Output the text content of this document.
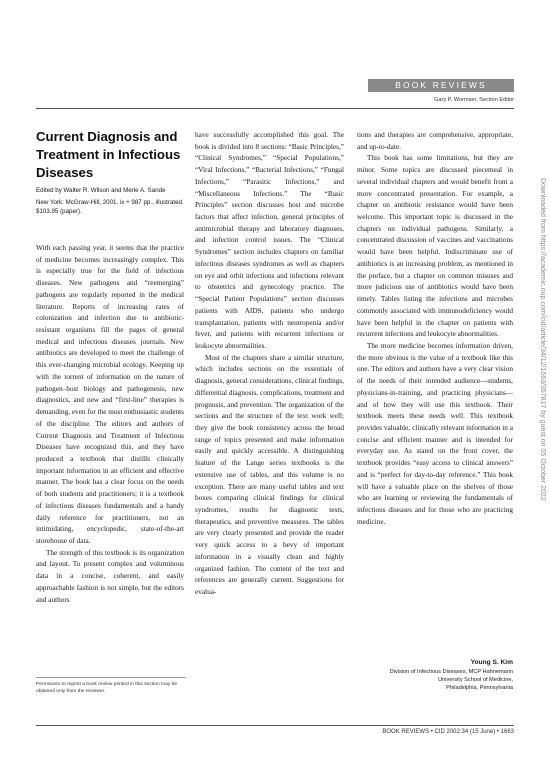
BOOK REVIEWS
Gary P. Wormser, Section Editor
Current Diagnosis and Treatment in Infectious Diseases
Edited by Walter R. Wilson and Merle A. Sande
New York: McGraw-Hill, 2001. ix + 987 pp., illustrated. $103.95 (paper).

With each passing year, it seems that the practice of medicine becomes increasingly complex. This is especially true for the field of infectious diseases. New pathogens and “reemerging” pathogens are regularly reported in the medical literature. Reports of increasing rates of colonization and infection due to antibiotic-resistant organisms fill the pages of general medical and infectious diseases journals. New antibiotics are developed to meet the challenge of this ever-changing microbial ecology. Keeping up with the torrent of information on the nature of pathogen–host biology and pathogenesis, new diagnostics, and new and “first-line” therapies is demanding, even for the most enthusiastic students of the discipline. The editors and authors of Current Diagnosis and Treatment of Infectious Diseases have recognized this, and they have produced a textbook that distills clinically important information in an efficient and effective manner. The book has a clear focus on the needs of both students and practitioners; it is a textbook of infectious diseases fundamentals and a handy daily reference for practitioners, not an intimidating, encyclopedic, state-of-the-art storehouse of data.

The strength of this textbook is its organization and layout. To present complex and voluminous data in a concise, coherent, and easily approachable fashion is not simple, but the editors and authors

have successfully accomplished this goal. The book is divided into 8 sections: “Basic Principles,” “Clinical Syndromes,” “Special Populations,” “Viral Infections,” “Bacterial Infections,” “Fungal Infections,” “Parasitic Infections,” and “Miscellaneous Infections.” The “Basic Principles” section discusses host and microbe factors that affect infection, general principles of antimicrobial therapy and laboratory diagnoses, and infection control issues. The “Clinical Syndromes” section includes chapters on familiar infectious diseases syndromes as well as chapters on eye and orbit infections and infections relevant to obstetrics and gynecology practice. The “Special Patient Populations” section discusses patients with AIDS, patients who undergo transplantation, patients with neutropenia and/or fever, and patients with recurrent infections or leukocyte abnormalities.

Most of the chapters share a similar structure, which includes sections on the essentials of diagnosis, general considerations, clinical findings, differential diagnosis, complications, treatment and prognosis, and prevention. The organization of the sections and the structure of the text work well; they give the book consistency across the broad range of topics presented and make information easily and quickly accessible. A distinguishing feature of the Lange series textbooks is the extensive use of tables, and this volume is no exception. There are many useful tables and text boxes comparing clinical findings for clinical syndromes, results for diagnostic tests, therapeutics, and preventive measures. The tables are very clearly presented and provide the reader very quick access to a bevy of important information in a visually clean and highly organized fashion. The content of the text and references are generally current. Suggestions for evalua-

tions and therapies are comprehensive, appropriate, and up-to-date.

This book has some limitations, but they are minor. Some topics are discussed piecemeal in several individual chapters and would benefit from a more concentrated presentation. For example, a chapter on antibiotic resistance would have been welcome. This important topic is discussed in the chapters on individual pathogens. Similarly, a concentrated discussion of vaccines and vaccinations would have been helpful. Indiscriminate use of antibiotics is an increasing problem, as mentioned in the preface, but a chapter on common misuses and more judicious use of antibiotics would have been timely. Tables listing the infections and microbes commonly associated with immunodeficiency would have been helpful in the chapter on patients with recurrent infections and leukocyte abnormalities.

The more medicine becomes information driven, the more obvious is the value of a textbook like this one. The editors and authors have a very clear vision of the needs of their intended audience—students, physicians-in-training, and practicing physicians—and of how they will use this textbook. Their textbook meets these needs well. This textbook provides valuable, clinically relevant information in a concise and efficient manner and is intended for everyday use. As stated on the front cover, the textbook provides “easy access to clinical answers” and is “perfect for day-to-day reference.” This book will have a valuable place on the shelves of those who are learning or reviewing the fundamentals of infectious diseases and for those who are practicing medicine.

Young S. Kim
Division of Infectious Diseases, MCP Hahnemann
University School of Medicine,
Philadelphia, Pennsylvania
Permission to reprint a book review printed in this section may be obtained only from the reviewer.
BOOK REVIEWS • CID 2002:34 (15 June) • 1663
Downloaded from https://academic.oup.com/cid/article/34/12/1663/357817 by guest on 05 October 2022
